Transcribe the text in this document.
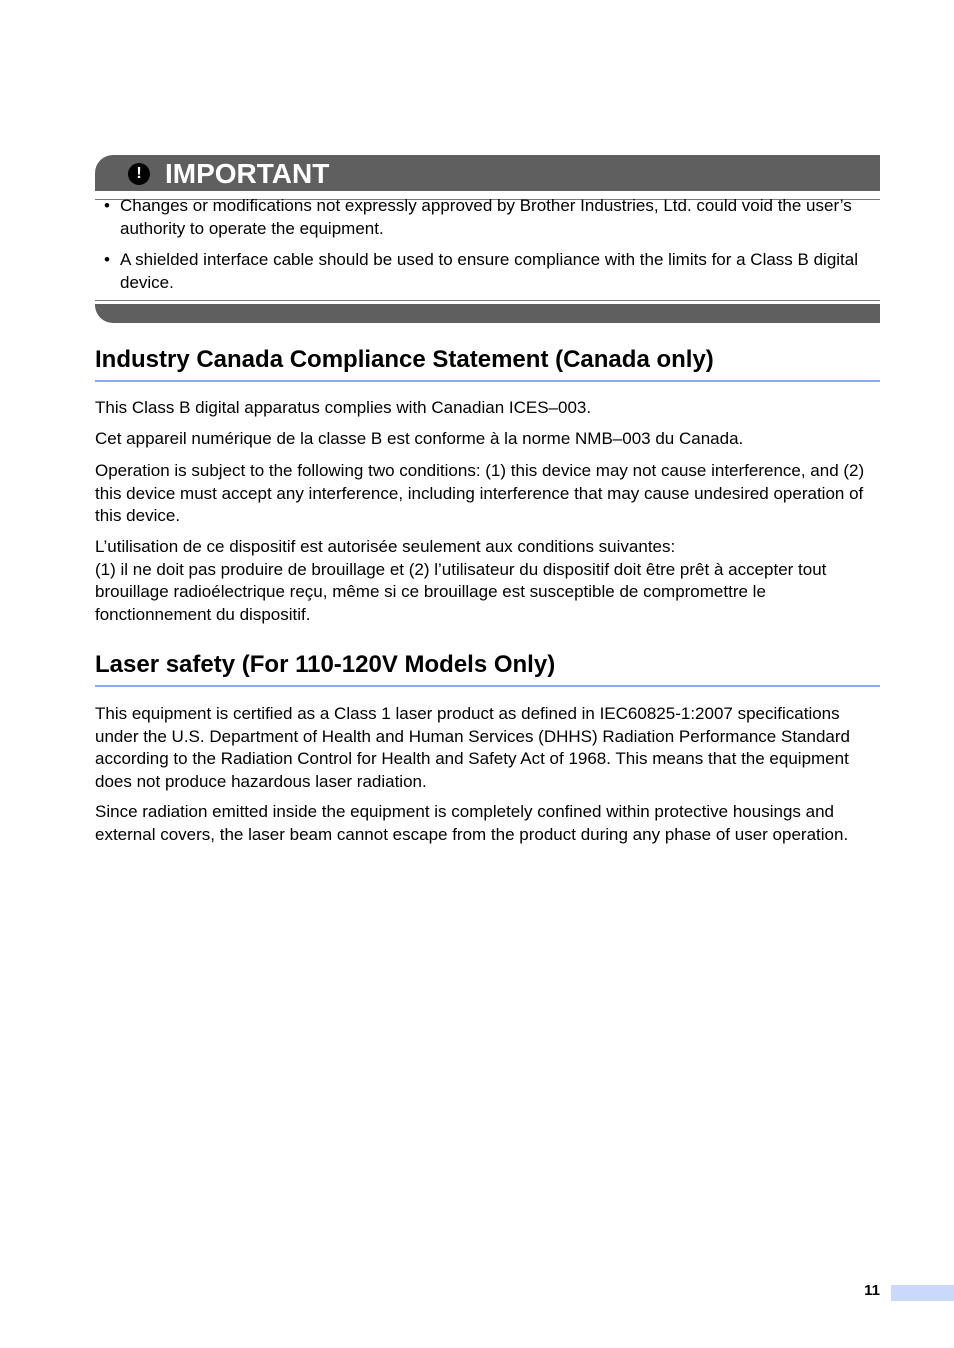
! IMPORTANT
• Changes or modifications not expressly approved by Brother Industries, Ltd. could void the user’s authority to operate the equipment.
• A shielded interface cable should be used to ensure compliance with the limits for a Class B digital device.
Industry Canada Compliance Statement (Canada only)

This Class B digital apparatus complies with Canadian ICES–003.

Cet appareil numérique de la classe B est conforme à la norme NMB–003 du Canada.

Operation is subject to the following two conditions: (1) this device may not cause interference, and (2) this device must accept any interference, including interference that may cause undesired operation of this device.

L’utilisation de ce dispositif est autorisée seulement aux conditions suivantes:
(1) il ne doit pas produire de brouillage et (2) l’utilisateur du dispositif doit être prêt à accepter tout brouillage radioélectrique reçu, même si ce brouillage est susceptible de compromettre le fonctionnement du dispositif.

Laser safety (For 110-120V Models Only)

This equipment is certified as a Class 1 laser product as defined in IEC60825-1:2007 specifications under the U.S. Department of Health and Human Services (DHHS) Radiation Performance Standard according to the Radiation Control for Health and Safety Act of 1968. This means that the equipment does not produce hazardous laser radiation.

Since radiation emitted inside the equipment is completely confined within protective housings and external covers, the laser beam cannot escape from the product during any phase of user operation.

11
